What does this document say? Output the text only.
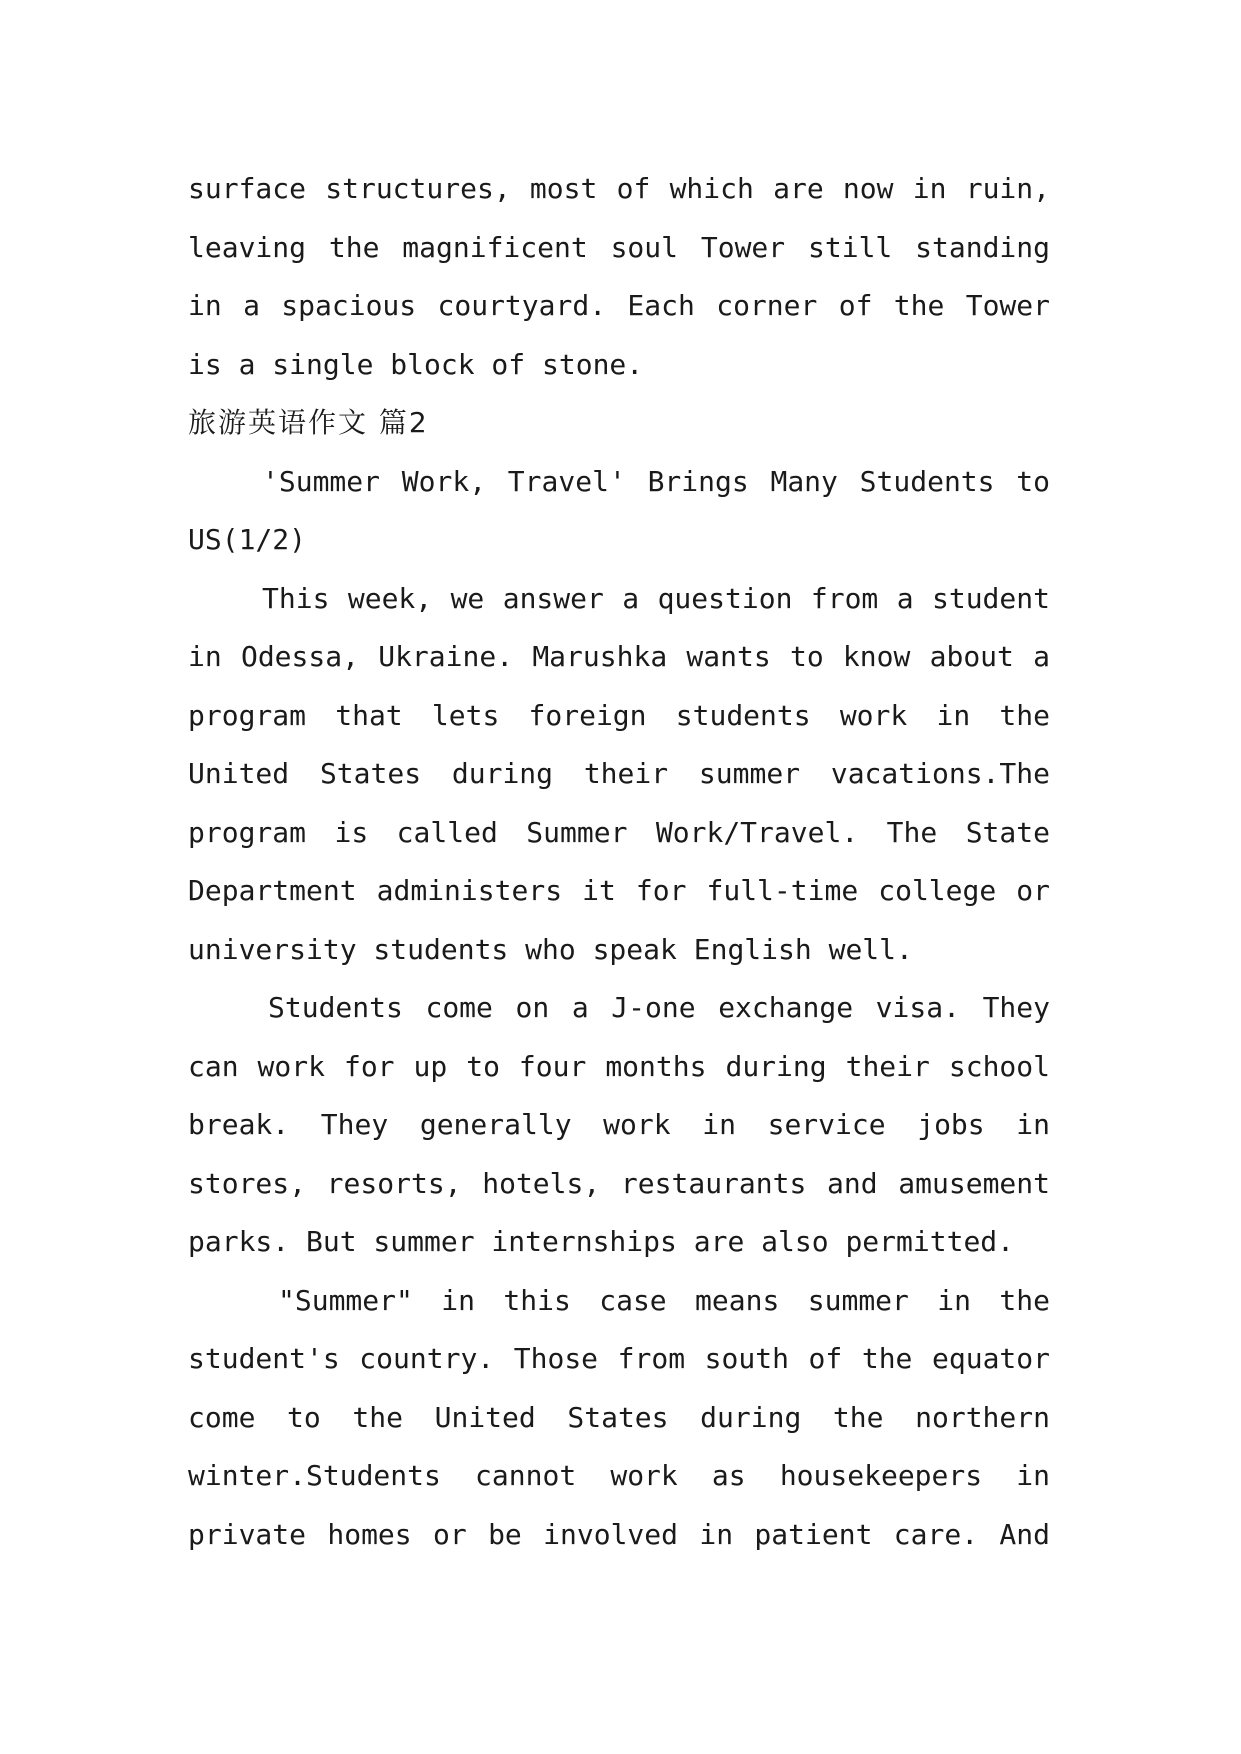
surface structures, most of which are now in ruin,
leaving the magnificent soul Tower still standing
in a spacious courtyard. Each corner of the Tower
is a single block of stone.
旅游英语作文 篇2
'Summer Work, Travel' Brings Many Students to
US(1/2)
This week, we answer a question from a student
in Odessa, Ukraine. Marushka wants to know about a
program that lets foreign students work in the
United States during their summer vacations.The
program is called Summer Work/Travel. The State
Department administers it for full-time college or
university students who speak English well.
Students come on a J-one exchange visa. They
can work for up to four months during their school
break. They generally work in service jobs in
stores, resorts, hotels, restaurants and amusement
parks. But summer internships are also permitted.
"Summer" in this case means summer in the
student's country. Those from south of the equator
come to the United States during the northern
winter.Students cannot work as housekeepers in
private homes or be involved in patient care. And
